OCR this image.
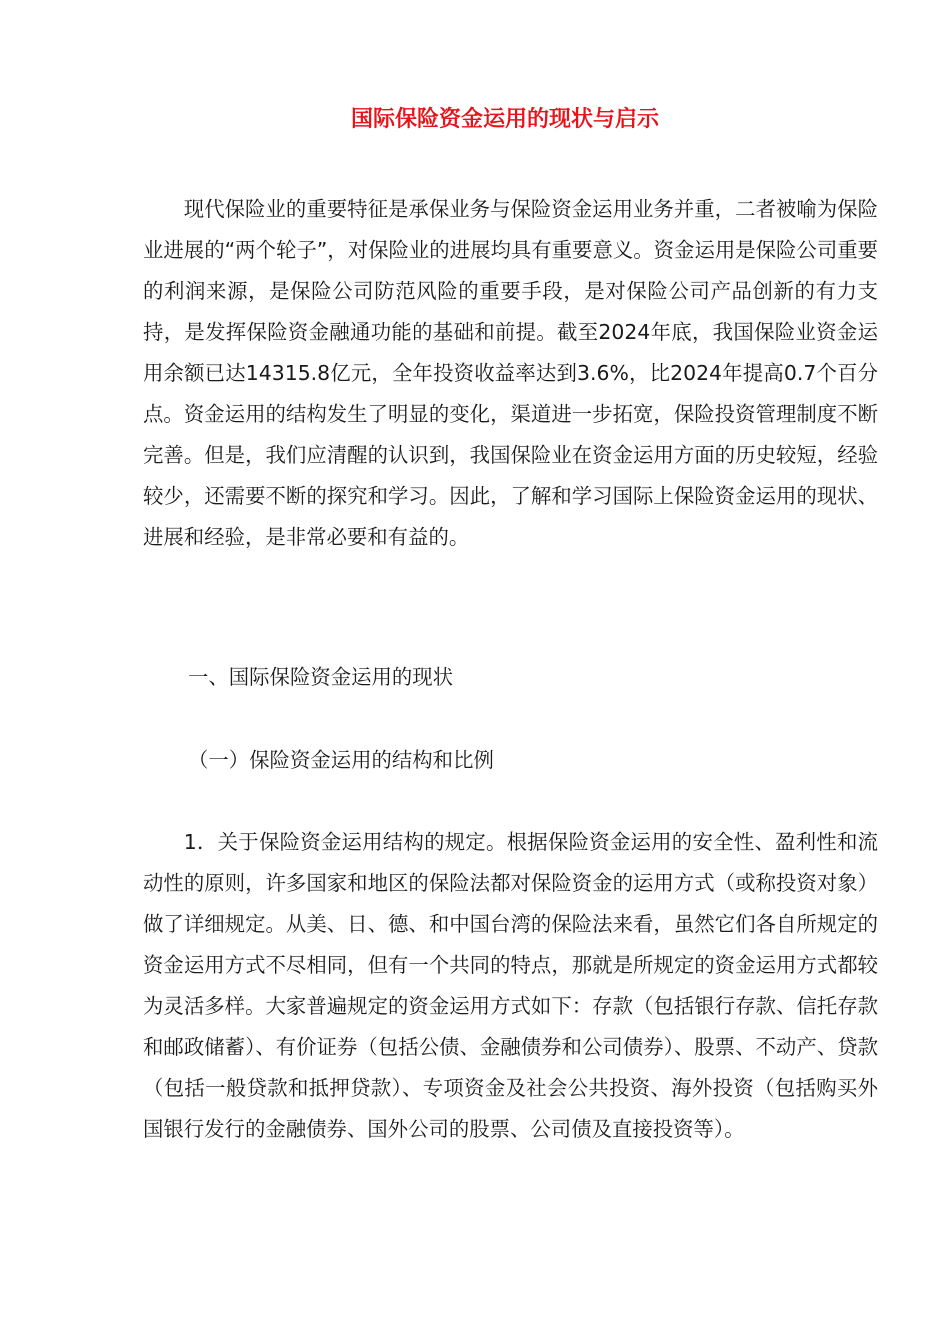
国际保险资金运用的现状与启示

现代保险业的重要特征是承保业务与保险资金运用业务并重，二者被喻为保险业进展的“两个轮子”，对保险业的进展均具有重要意义。资金运用是保险公司重要的利润来源，是保险公司防范风险的重要手段，是对保险公司产品创新的有力支持，是发挥保险资金融通功能的基础和前提。截至2024年底，我国保险业资金运用余额已达14315.8亿元，全年投资收益率达到3.6%，比2024年提高0.7个百分点。资金运用的结构发生了明显的变化，渠道进一步拓宽，保险投资管理制度不断完善。但是，我们应清醒的认识到，我国保险业在资金运用方面的历史较短，经验较少，还需要不断的探究和学习。因此，了解和学习国际上保险资金运用的现状、进展和经验，是非常必要和有益的。

一、国际保险资金运用的现状

（一）保险资金运用的结构和比例

1．关于保险资金运用结构的规定。根据保险资金运用的安全性、盈利性和流动性的原则，许多国家和地区的保险法都对保险资金的运用方式（或称投资对象）做了详细规定。从美、日、德、和中国台湾的保险法来看，虽然它们各自所规定的资金运用方式不尽相同，但有一个共同的特点，那就是所规定的资金运用方式都较为灵活多样。大家普遍规定的资金运用方式如下：存款（包括银行存款、信托存款和邮政储蓄）、有价证券（包括公债、金融债券和公司债券）、股票、不动产、贷款（包括一般贷款和抵押贷款）、专项资金及社会公共投资、海外投资（包括购买外国银行发行的金融债券、国外公司的股票、公司债及直接投资等）。
